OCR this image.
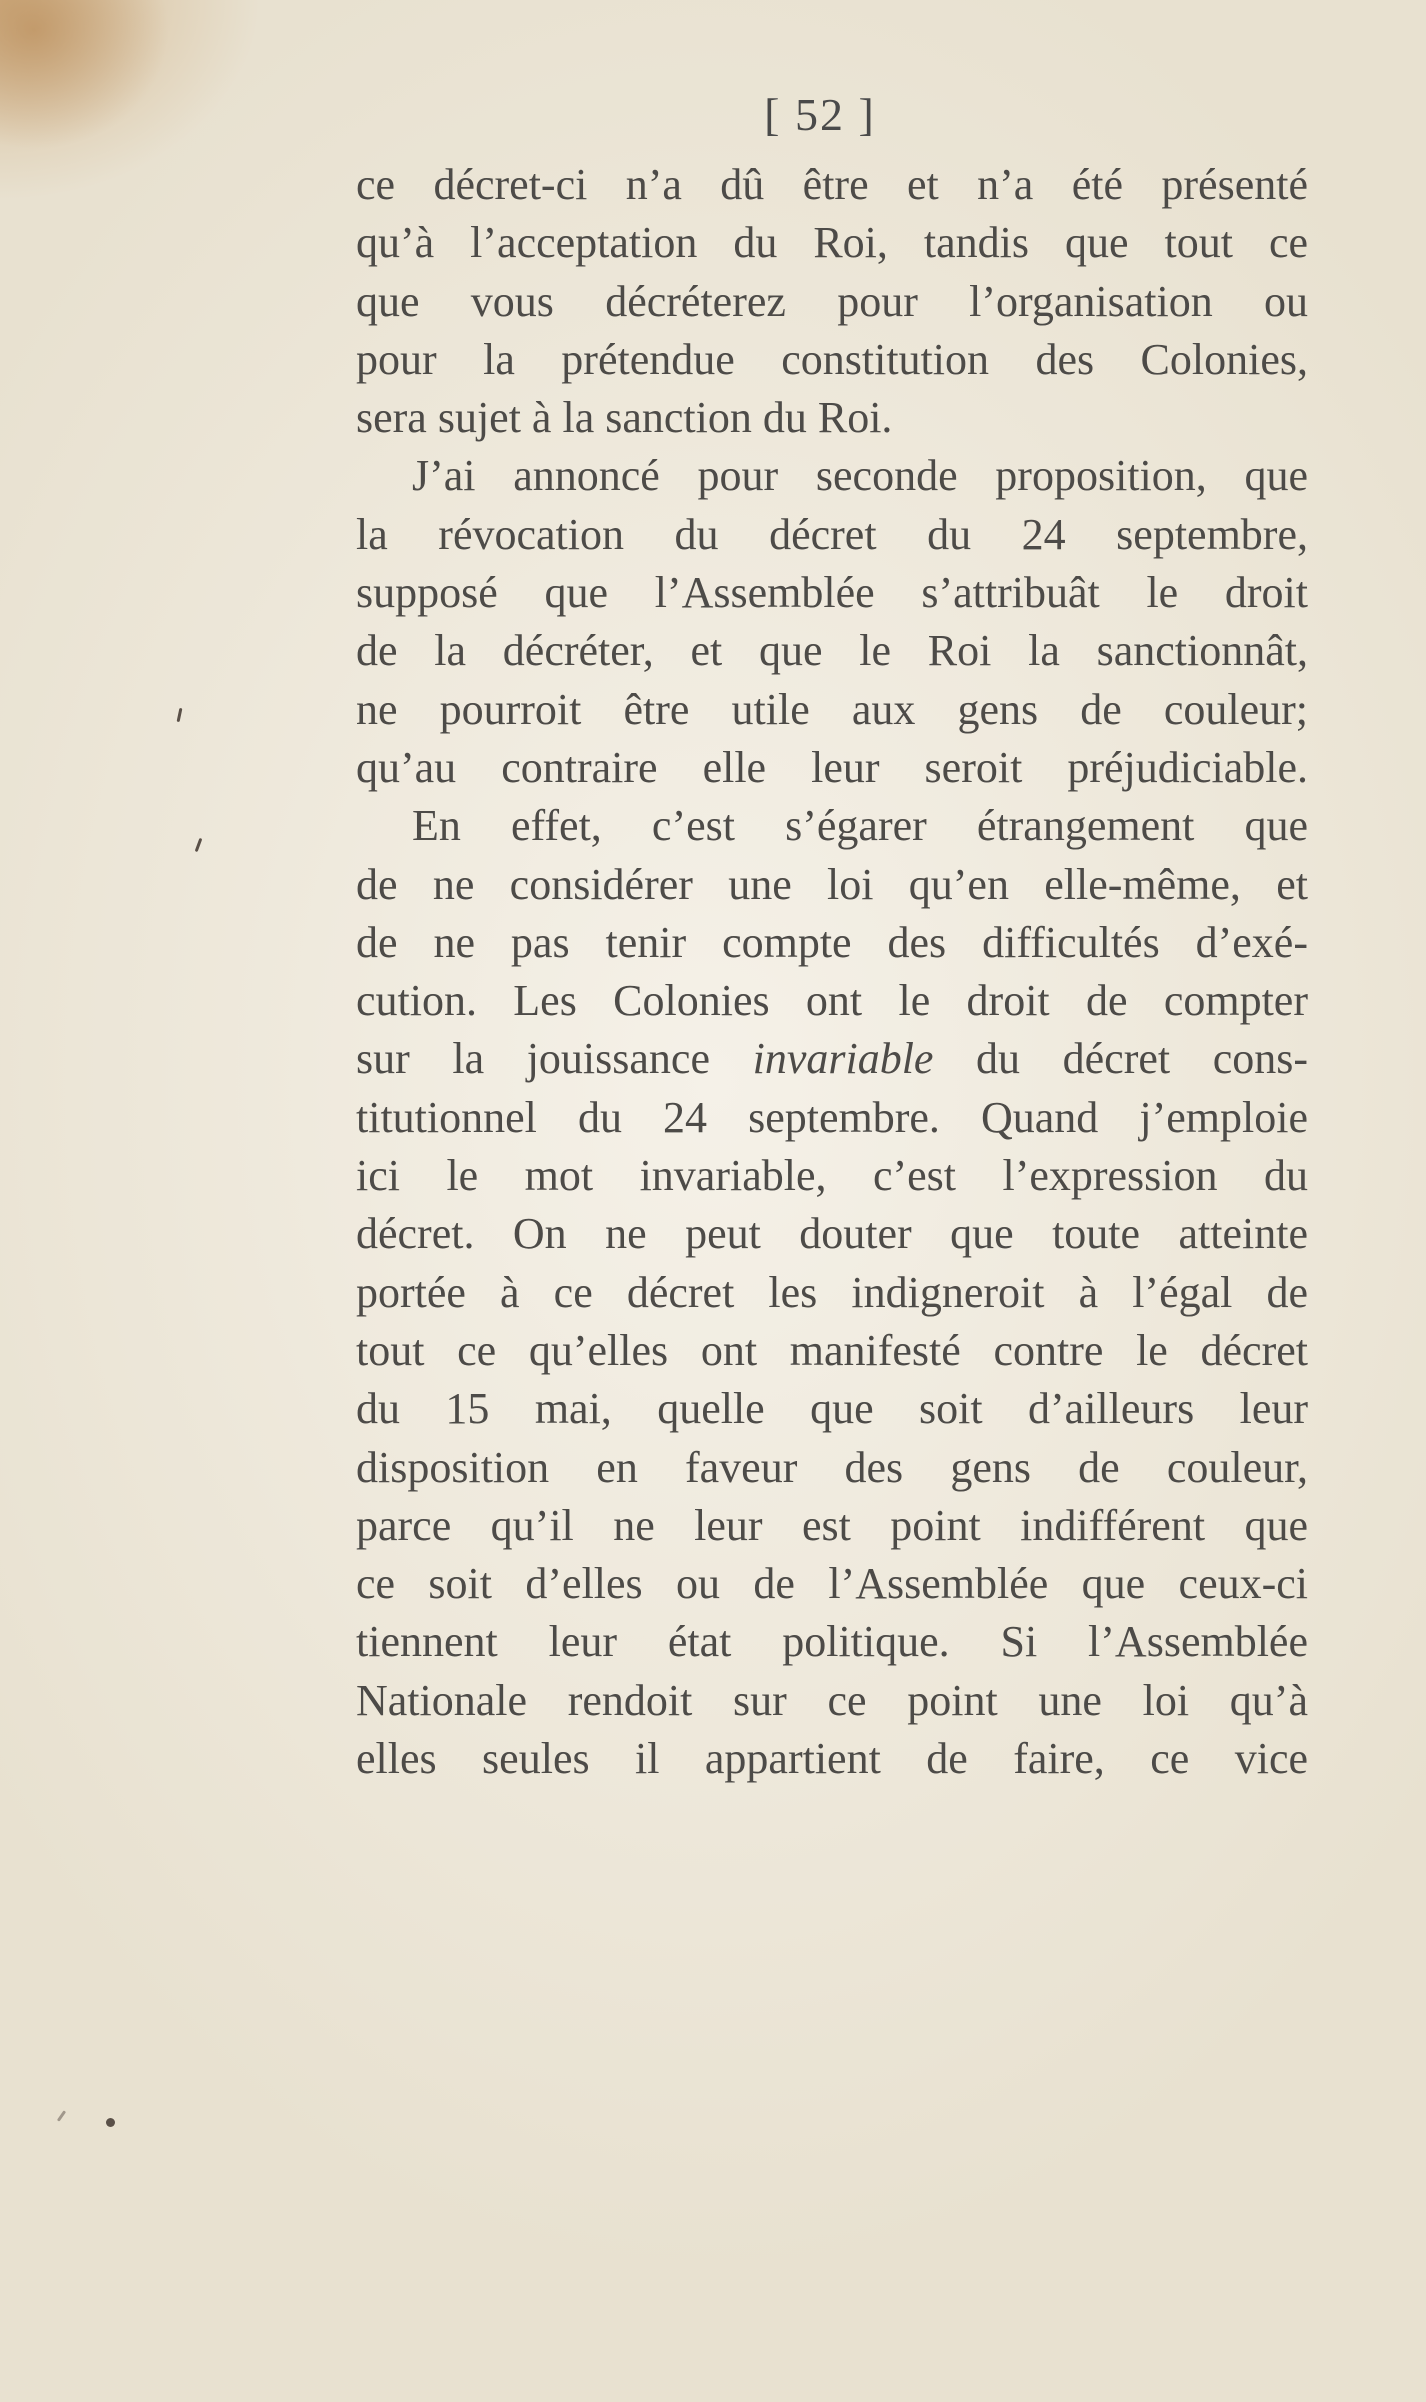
[ 52 ]
ce décret-ci n’a dû être et n’a été présenté
qu’à l’acceptation du Roi, tandis que tout ce
que vous décréterez pour l’organisation ou
pour la prétendue constitution des Colonies,
sera sujet à la sanction du Roi.
J’ai annoncé pour seconde proposition, que
la révocation du décret du 24 septembre,
supposé que l’Assemblée s’attribuât le droit
de la décréter, et que le Roi la sanctionnât,
ne pourroit être utile aux gens de couleur;
qu’au contraire elle leur seroit préjudiciable.
En effet, c’est s’égarer étrangement que
de ne considérer une loi qu’en elle-même, et
de ne pas tenir compte des difficultés d’exé-
cution. Les Colonies ont le droit de compter
sur la jouissance invariable du décret cons-
titutionnel du 24 septembre. Quand j’emploie
ici le mot invariable, c’est l’expression du
décret. On ne peut douter que toute atteinte
portée à ce décret les indigneroit à l’égal de
tout ce qu’elles ont manifesté contre le décret
du 15 mai, quelle que soit d’ailleurs leur
disposition en faveur des gens de couleur,
parce qu’il ne leur est point indifférent que
ce soit d’elles ou de l’Assemblée que ceux-ci
tiennent leur état politique. Si l’Assemblée
Nationale rendoit sur ce point une loi qu’à
elles seules il appartient de faire, ce vice
